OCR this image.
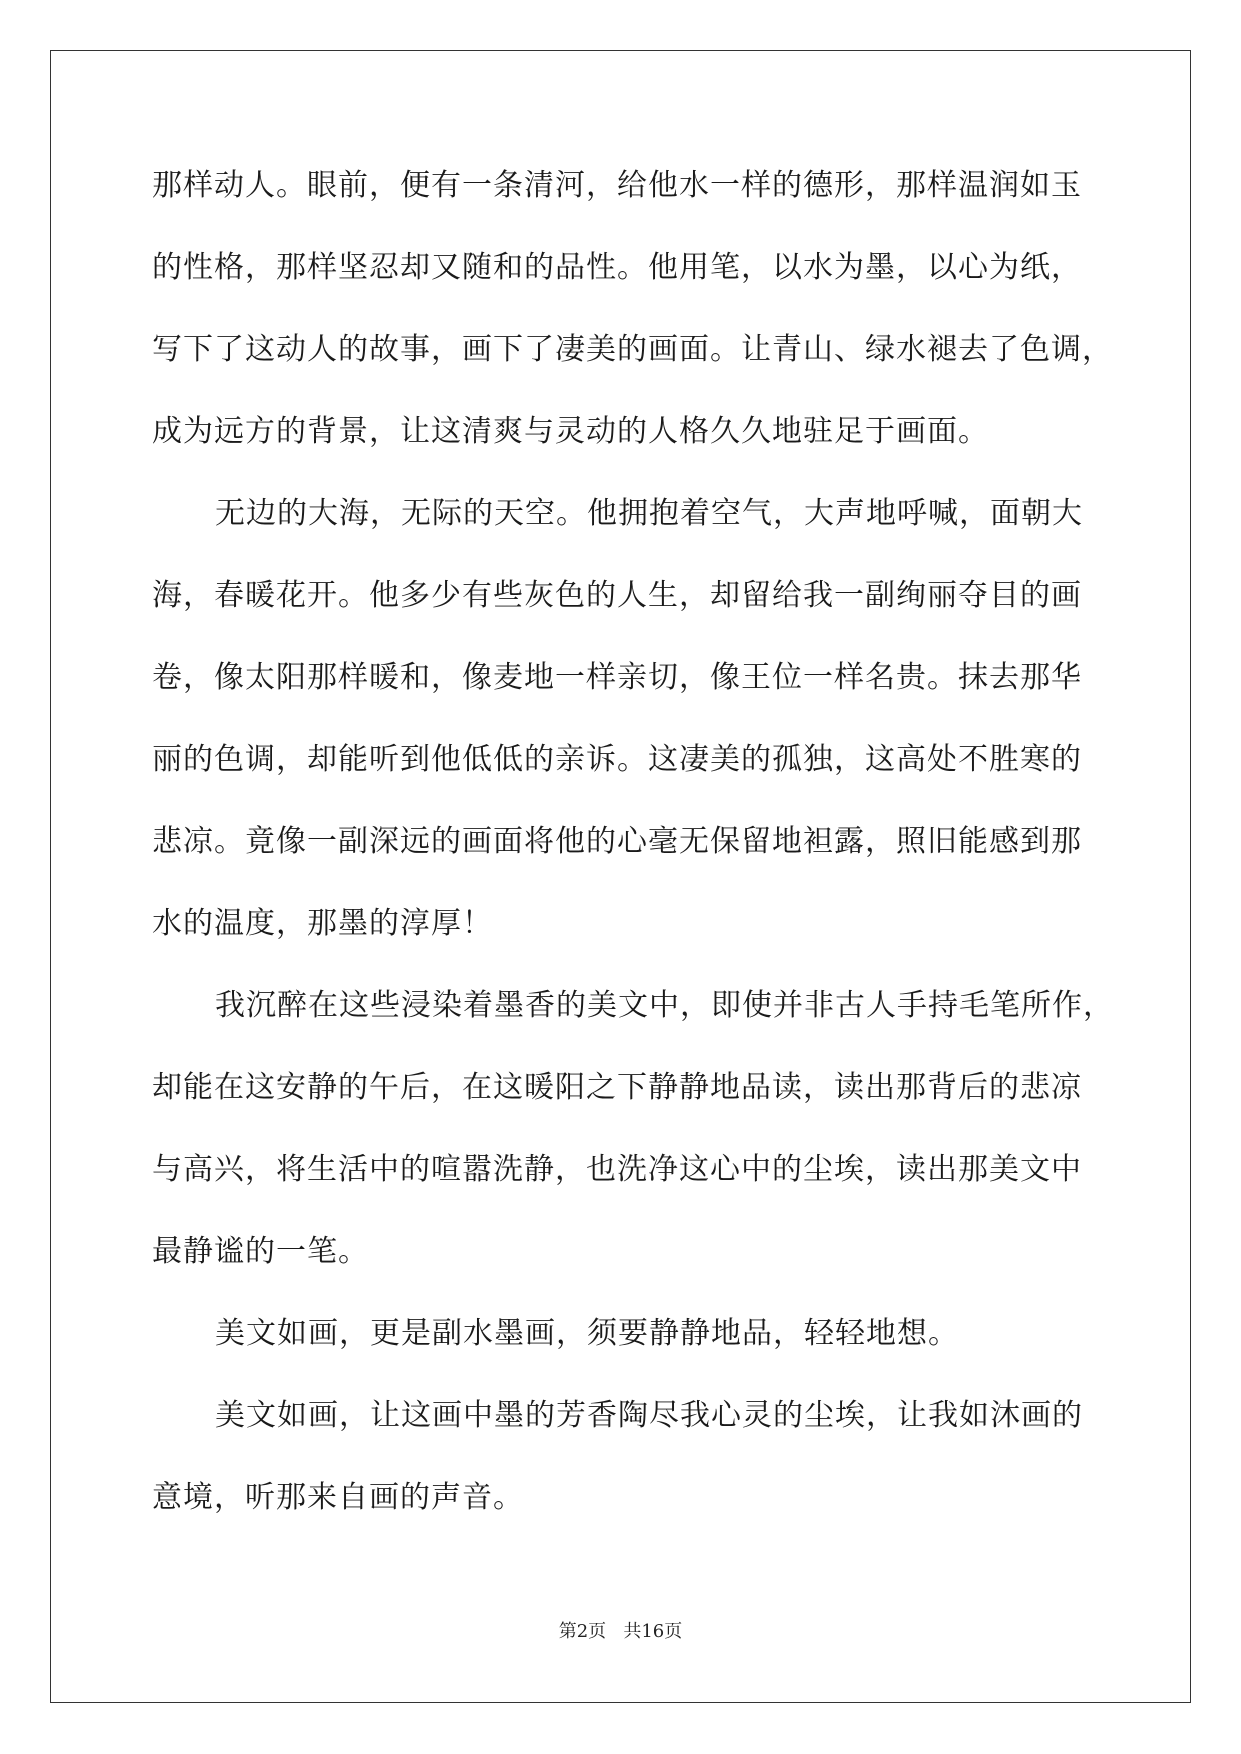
那样动人。眼前，便有一条清河，给他水一样的德形，那样温润如玉
的性格，那样坚忍却又随和的品性。他用笔，以水为墨，以心为纸，
写下了这动人的故事，画下了凄美的画面。让青山、绿水褪去了色调，
成为远方的背景，让这清爽与灵动的人格久久地驻足于画面。
无边的大海，无际的天空。他拥抱着空气，大声地呼喊，面朝大
海，春暖花开。他多少有些灰色的人生，却留给我一副绚丽夺目的画
卷，像太阳那样暖和，像麦地一样亲切，像王位一样名贵。抹去那华
丽的色调，却能听到他低低的亲诉。这凄美的孤独，这高处不胜寒的
悲凉。竟像一副深远的画面将他的心毫无保留地袒露，照旧能感到那
水的温度，那墨的淳厚！
我沉醉在这些浸染着墨香的美文中，即使并非古人手持毛笔所作，
却能在这安静的午后，在这暖阳之下静静地品读，读出那背后的悲凉
与高兴，将生活中的喧嚣洗静，也洗净这心中的尘埃，读出那美文中
最静谧的一笔。
美文如画，更是副水墨画，须要静静地品，轻轻地想。
美文如画，让这画中墨的芳香陶尽我心灵的尘埃，让我如沐画的
意境，听那来自画的声音。
第2页   共16页
